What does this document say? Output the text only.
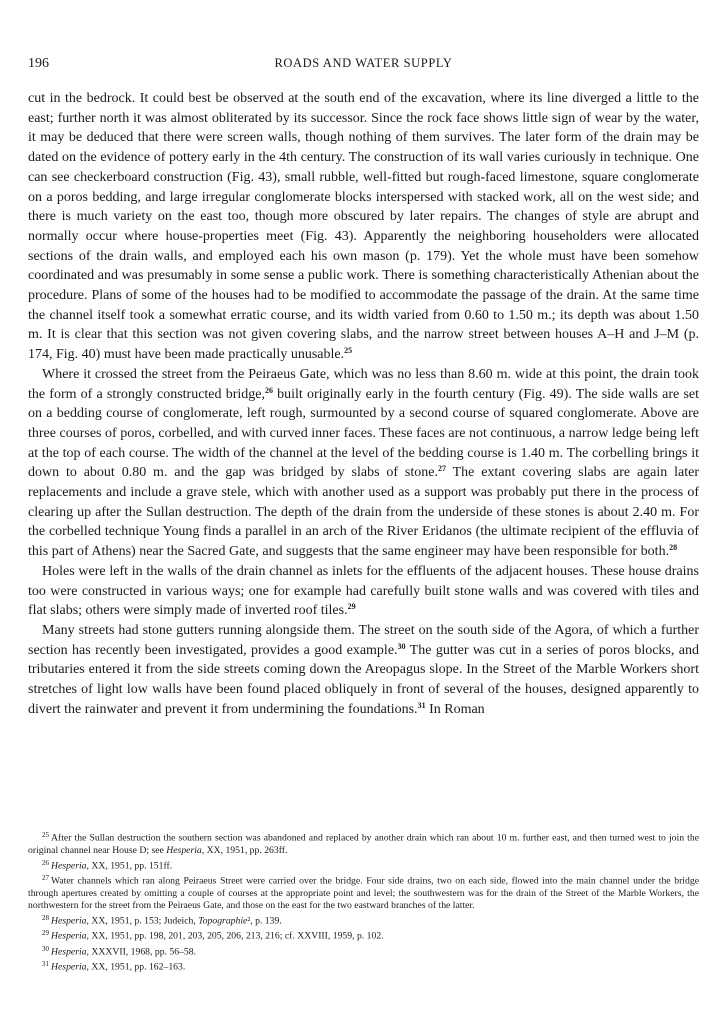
196	ROADS AND WATER SUPPLY

cut in the bedrock. It could best be observed at the south end of the excavation, where its line diverged a little to the east; further north it was almost obliterated by its successor. Since the rock face shows little sign of wear by the water, it may be deduced that there were screen walls, though nothing of them survives. The later form of the drain may be dated on the evidence of pottery early in the 4th century. The construction of its wall varies curiously in technique. One can see checkerboard construction (Fig. 43), small rubble, well-fitted but rough-faced limestone, square conglomerate on a poros bedding, and large irregular conglomerate blocks interspersed with stacked work, all on the west side; and there is much variety on the east too, though more obscured by later repairs. The changes of style are abrupt and normally occur where house-properties meet (Fig. 43). Apparently the neighboring householders were allocated sections of the drain walls, and employed each his own mason (p. 179). Yet the whole must have been somehow coordinated and was presumably in some sense a public work. There is something characteristically Athenian about the procedure. Plans of some of the houses had to be modified to accommodate the passage of the drain. At the same time the channel itself took a somewhat erratic course, and its width varied from 0.60 to 1.50 m.; its depth was about 1.50 m. It is clear that this section was not given covering slabs, and the narrow street between houses A–H and J–M (p. 174, Fig. 40) must have been made practically unusable.$^{25}$

Where it crossed the street from the Peiraeus Gate, which was no less than 8.60 m. wide at this point, the drain took the form of a strongly constructed bridge,$^{26}$ built originally early in the fourth century (Fig. 49). The side walls are set on a bedding course of conglomerate, left rough, surmounted by a second course of squared conglomerate. Above are three courses of poros, corbelled, and with curved inner faces. These faces are not continuous, a narrow ledge being left at the top of each course. The width of the channel at the level of the bedding course is 1.40 m. The corbelling brings it down to about 0.80 m. and the gap was bridged by slabs of stone.$^{27}$ The extant covering slabs are again later replacements and include a grave stele, which with another used as a support was probably put there in the process of clearing up after the Sullan destruction. The depth of the drain from the underside of these stones is about 2.40 m. For the corbelled technique Young finds a parallel in an arch of the River Eridanos (the ultimate recipient of the effluvia of this part of Athens) near the Sacred Gate, and suggests that the same engineer may have been responsible for both.$^{28}$

Holes were left in the walls of the drain channel as inlets for the effluents of the adjacent houses. These house drains too were constructed in various ways; one for example had carefully built stone walls and was covered with tiles and flat slabs; others were simply made of inverted roof tiles.$^{29}$

Many streets had stone gutters running alongside them. The street on the south side of the Agora, of which a further section has recently been investigated, provides a good example.$^{30}$ The gutter was cut in a series of poros blocks, and tributaries entered it from the side streets coming down the Areopagus slope. In the Street of the Marble Workers short stretches of light low walls have been found placed obliquely in front of several of the houses, designed apparently to divert the rainwater and prevent it from undermining the foundations.$^{31}$ In Roman

$^{25}$ After the Sullan destruction the southern section was abandoned and replaced by another drain which ran about 10 m. further east, and then turned west to join the original channel near House D; see Hesperia, XX, 1951, pp. 263ff.

$^{26}$ Hesperia, XX, 1951, pp. 151ff.

$^{27}$ Water channels which ran along Peiraeus Street were carried over the bridge. Four side drains, two on each side, flowed into the main channel under the bridge through apertures created by omitting a couple of courses at the appropriate point and level; the southwestern was for the drain of the Street of the Marble Workers, the northwestern for the street from the Peiraeus Gate, and those on the east for the two eastward branches of the latter.

$^{28}$ Hesperia, XX, 1951, p. 153; Judeich, Topographie², p. 139.

$^{29}$ Hesperia, XX, 1951, pp. 198, 201, 203, 205, 206, 213, 216; cf. XXVIII, 1959, p. 102.

$^{30}$ Hesperia, XXXVII, 1968, pp. 56–58.

$^{31}$ Hesperia, XX, 1951, pp. 162–163.
